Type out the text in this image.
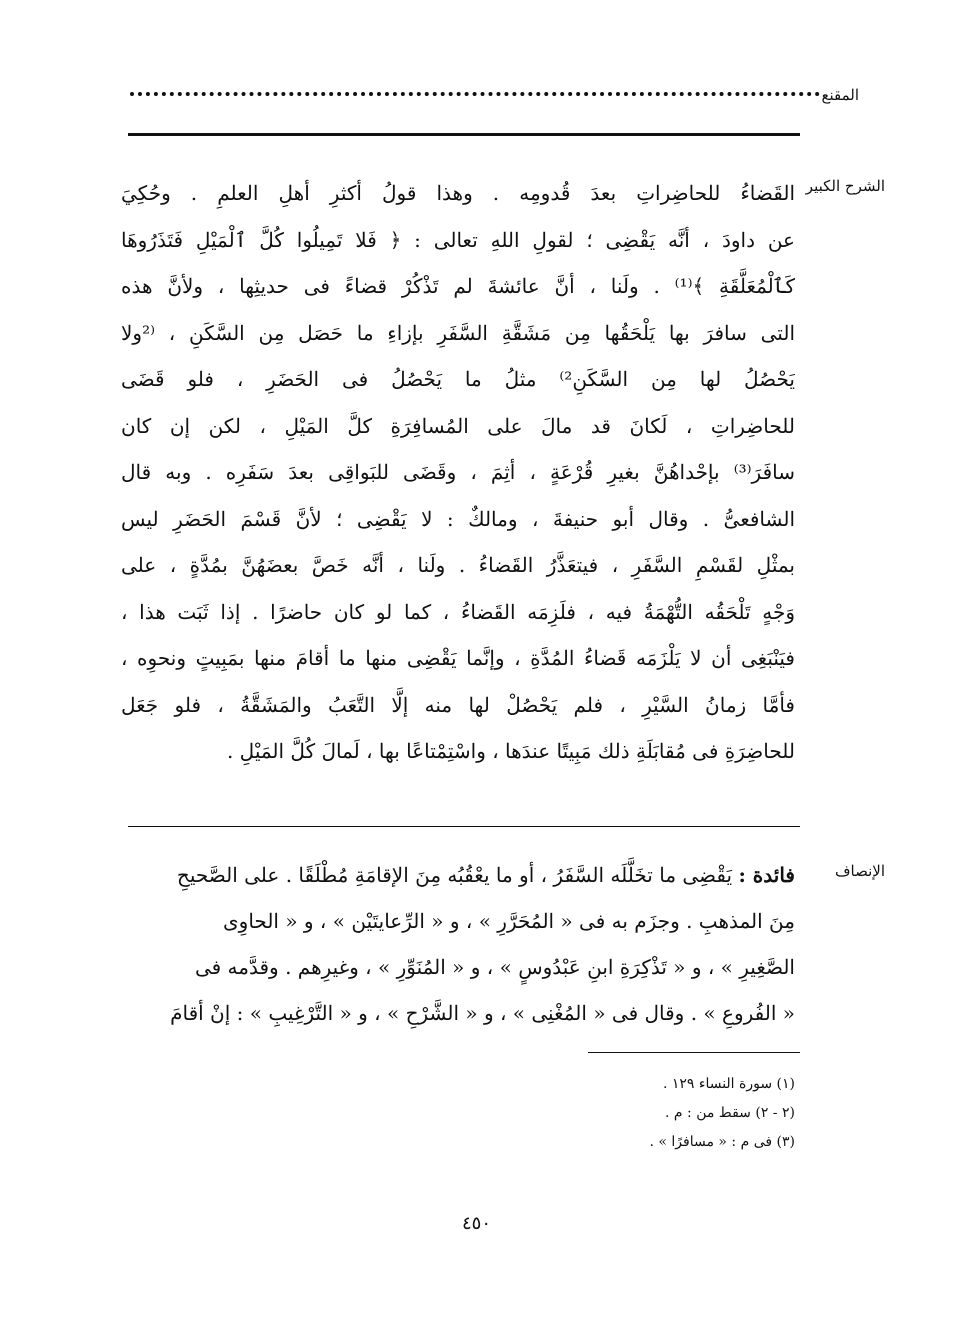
المقنع
الشرح الكبير
القَضاءُ للحاضِراتِ بعدَ قُدومِه . وهذا قولُ أكثرِ أهلِ العلمِ . وحُكِيَ
عن داودَ ، أنَّه يَقْضِى ؛ لقولِ اللهِ تعالى : ﴿ فَلا تَمِيلُوا كُلَّ ٱلْمَيْلِ فَتَذَرُوهَا
كَٱلْمُعَلَّقَةِ ﴾⁽¹⁾ . ولَنا ، أنَّ عائشةَ لم تَذْكُرْ قضاءً فى حديثِها ، ولأنَّ هذه
التى سافرَ بها يَلْحَقُها مِن مَشَقَّةِ السَّفَرِ بإزاءِ ما حَصَل مِن السَّكَنِ ، ⁽²ولا
يَحْصُلُ لها مِن السَّكَنِ²⁾ مثلُ ما يَحْصُلُ فى الحَضَرِ ، فلو قَضَى
للحاضِراتِ ، لَكانَ قد مالَ على المُسافِرَةِ كلَّ المَيْلِ ، لكن إن كان
سافَرَ⁽³⁾ بإحْداهُنَّ بغيرِ قُرْعَةٍ ، أثِمَ ، وقَضَى للبَواقِى بعدَ سَفَرِه . وبه قال
الشافعىُّ . وقال أبو حنيفةَ ، ومالكٌ : لا يَقْضِى ؛ لأنَّ قَسْمَ الحَضَرِ ليس
بمثْلِ لقَسْمِ السَّفَرِ ، فيتعَذَّرُ القَضاءُ . ولَنا ، أنَّه خَصَّ بعضَهُنَّ بمُدَّةٍ ، على
وَجْهٍ تَلْحَقُه التُّهْمَةُ فيه ، فلَزِمَه القَضاءُ ، كما لو كان حاضرًا . إذا ثَبَت هذا ،
فيَنْبَغِى أن لا يَلْزَمَه قَضاءُ المُدَّةِ ، وإنَّما يَقْضِى منها ما أقامَ منها بمَبِيتٍ ونحوِه ،
فأمَّا زمانُ السَّيْرِ ، فلم يَحْصُلْ لها منه إلَّا التَّعَبُ والمَشَقَّةُ ، فلو جَعَل
للحاضِرَةِ فى مُقابَلَةِ ذلك مَبِيتًا عندَها ، واسْتِمْتاعًا بها ، لَمالَ كُلَّ المَيْلِ .
الإنصاف
فائدة : يَقْضِى ما تخَلَّلَه السَّفَرُ ، أو ما يعْقُبُه مِنَ الإقامَةِ مُطْلَقًا . على الصَّحيحِ
مِنَ المذهبِ . وجزَم به فى « المُحَرَّرِ » ، و « الرِّعايتَيْن » ، و « الحاوِى
الصَّغِيرِ » ، و « تَذْكِرَةِ ابنِ عَبْدُوسٍ » ، و « المُنَوِّرِ » ، وغيرِهم . وقدَّمه فى
« الفُروعِ » . وقال فى « المُغْنِى » ، و « الشَّرْحِ » ، و « التَّرْغِيبِ » : إنْ أقامَ
(١) سورة النساء ١٢٩ .
(٢ - ٢) سقط من : م .
(٣) فى م : « مسافرًا » .
٤٥٠
